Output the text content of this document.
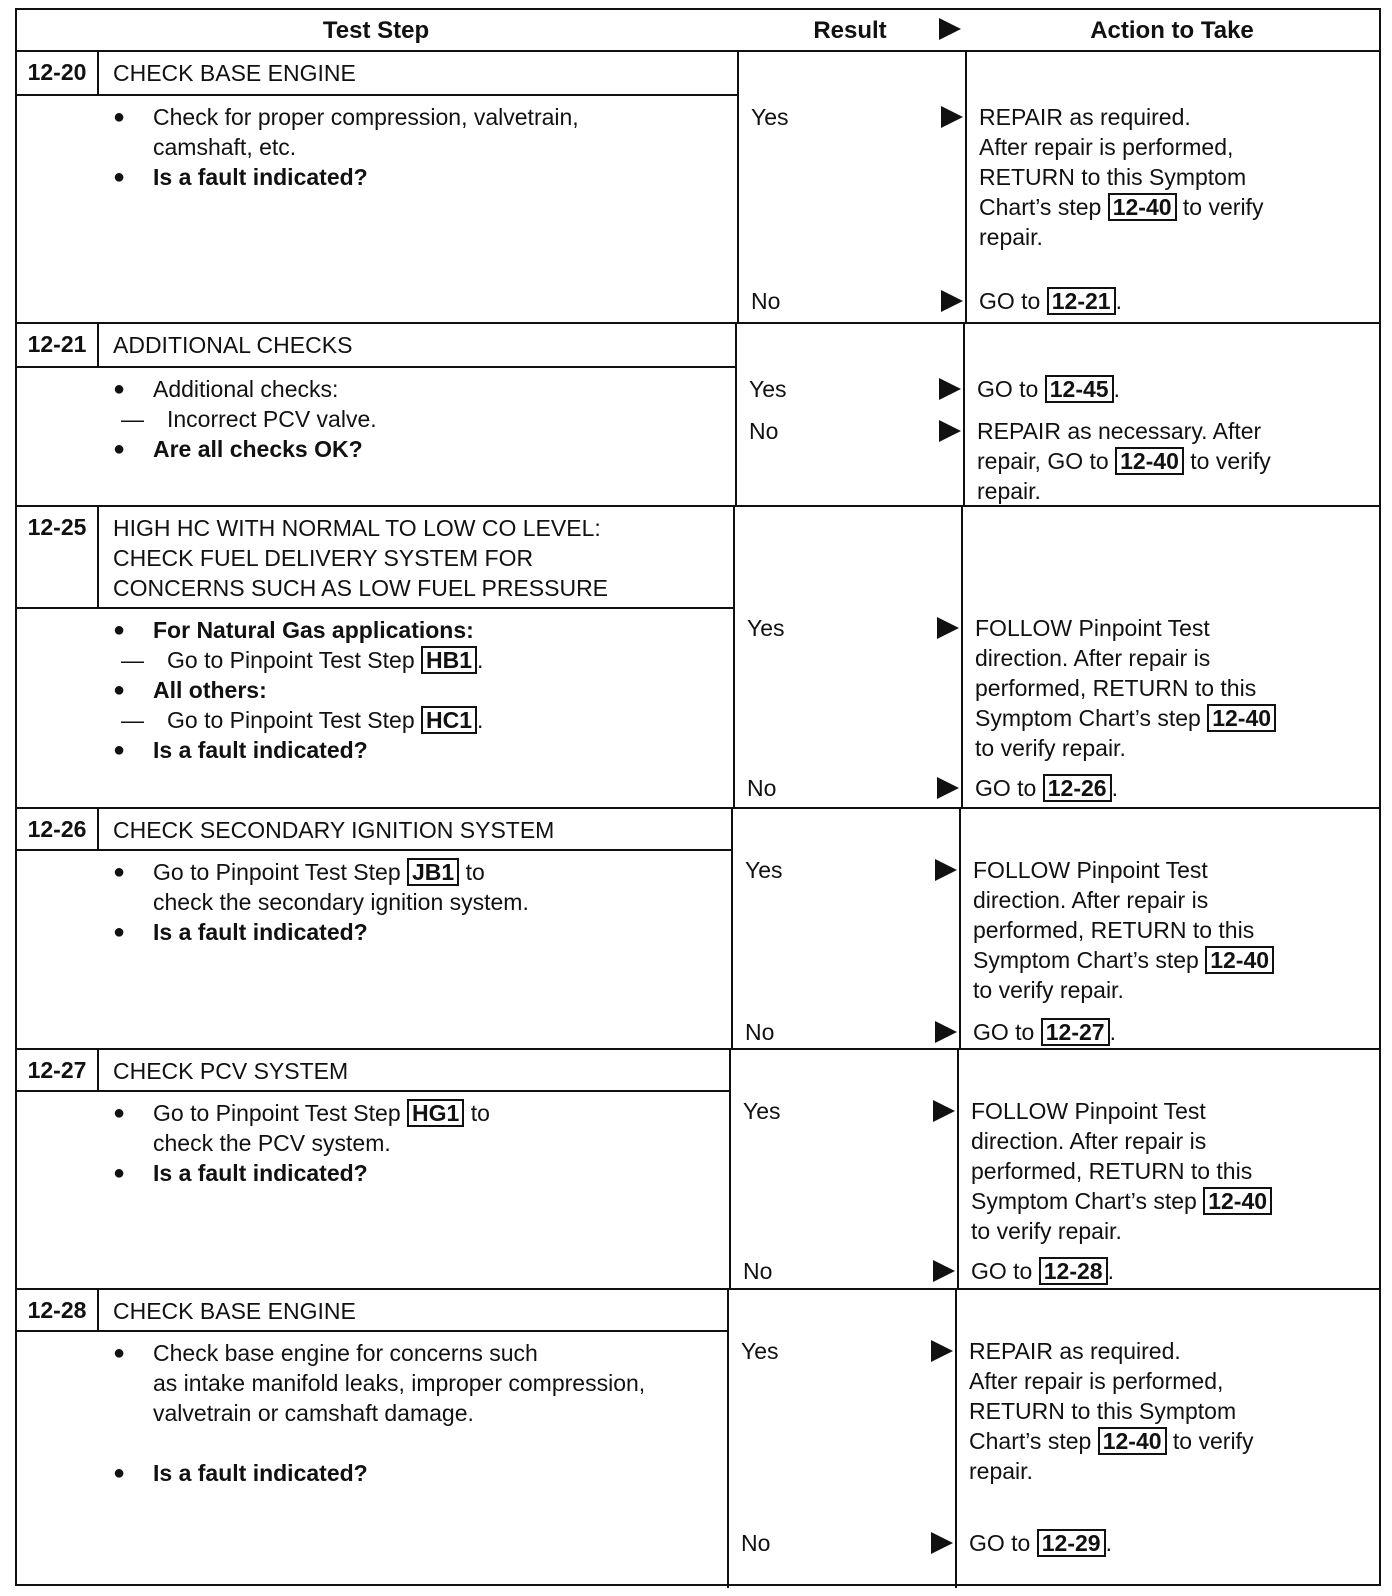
Test Step	Result	Action to Take
12-20	CHECK BASE ENGINE
● Check for proper compression, valvetrain,
camshaft, etc.
● Is a fault indicated?
Yes	REPAIR as required.
After repair is performed,
RETURN to this Symptom
Chart’s step 12-40 to verify
repair.
No	GO to 12-21 .
12-21	ADDITIONAL CHECKS
● Additional checks:
— Incorrect PCV valve.
● Are all checks OK?
Yes	GO to 12-45 .
No	REPAIR as necessary. After
repair, GO to 12-40 to verify
repair.
12-25	HIGH HC WITH NORMAL TO LOW CO LEVEL:
CHECK FUEL DELIVERY SYSTEM FOR
CONCERNS SUCH AS LOW FUEL PRESSURE
● For Natural Gas applications:
— Go to Pinpoint Test Step HB1 .
● All others:
— Go to Pinpoint Test Step HC1 .
● Is a fault indicated?
Yes	FOLLOW Pinpoint Test
direction. After repair is
performed, RETURN to this
Symptom Chart’s step 12-40
to verify repair.
No	GO to 12-26 .
12-26	CHECK SECONDARY IGNITION SYSTEM
● Go to Pinpoint Test Step JB1 to
check the secondary ignition system.
● Is a fault indicated?
Yes	FOLLOW Pinpoint Test
direction. After repair is
performed, RETURN to this
Symptom Chart’s step 12-40
to verify repair.
No	GO to 12-27 .
12-27	CHECK PCV SYSTEM
● Go to Pinpoint Test Step HG1 to
check the PCV system.
● Is a fault indicated?
Yes	FOLLOW Pinpoint Test
direction. After repair is
performed, RETURN to this
Symptom Chart’s step 12-40
to verify repair.
No	GO to 12-28 .
12-28	CHECK BASE ENGINE
● Check base engine for concerns such
as intake manifold leaks, improper compression,
valvetrain or camshaft damage.
● Is a fault indicated?
Yes	REPAIR as required.
After repair is performed,
RETURN to this Symptom
Chart’s step 12-40 to verify
repair.
No	GO to 12-29 .
